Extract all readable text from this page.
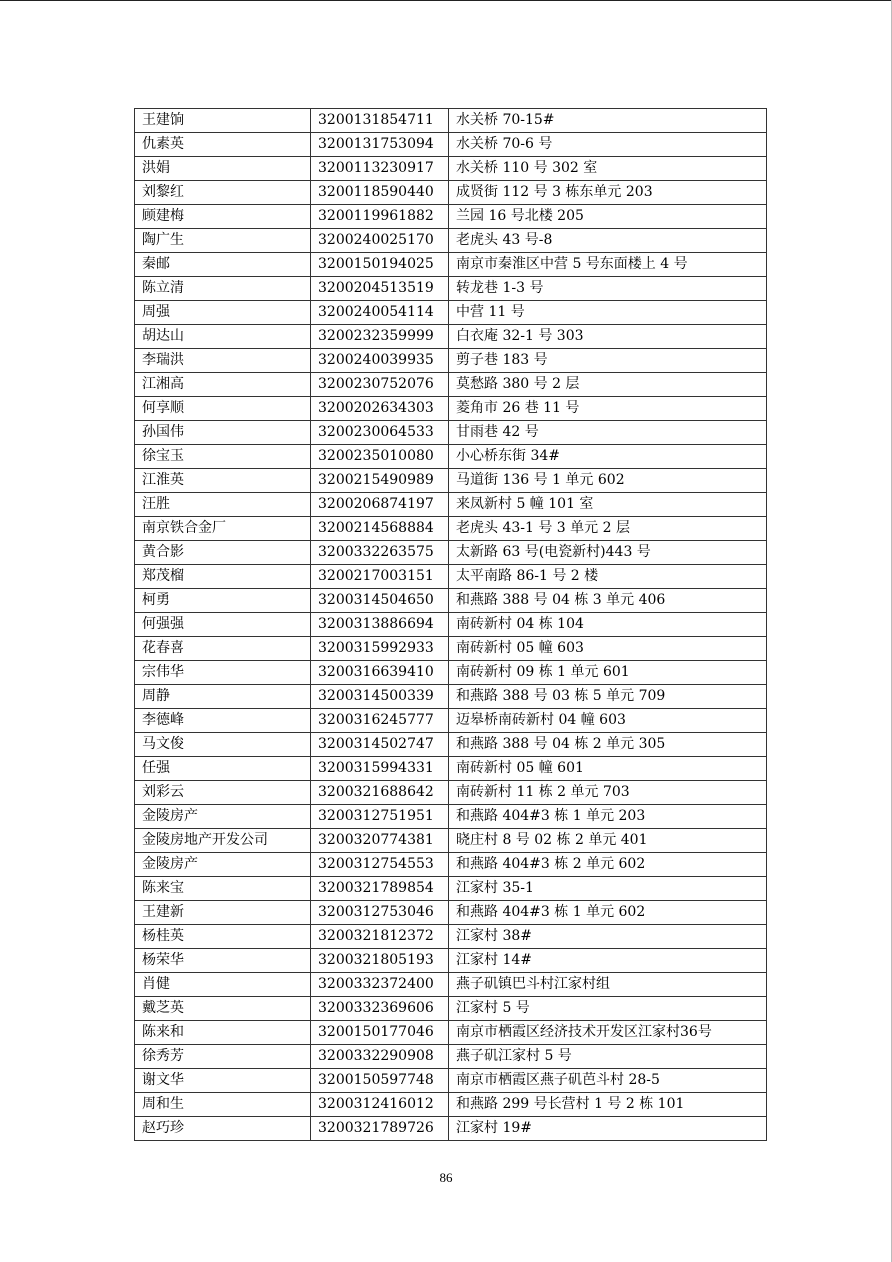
王建饷	3200131854711	水关桥 70-15#
仇素英	3200131753094	水关桥 70-6 号
洪娟	3200113230917	水关桥 110 号 302 室
刘黎红	3200118590440	成贤街 112 号 3 栋东单元 203
顾建梅	3200119961882	兰园 16 号北楼 205
陶广生	3200240025170	老虎头 43 号-8
秦邮	3200150194025	南京市秦淮区中营 5 号东面楼上 4 号
陈立清	3200204513519	转龙巷 1-3 号
周强	3200240054114	中营 11 号
胡达山	3200232359999	白衣庵 32-1 号 303
李瑞洪	3200240039935	剪子巷 183 号
江湘高	3200230752076	莫愁路 380 号 2 层
何享顺	3200202634303	菱角市 26 巷 11 号
孙国伟	3200230064533	甘雨巷 42 号
徐宝玉	3200235010080	小心桥东街 34#
江淮英	3200215490989	马道街 136 号 1 单元 602
汪胜	3200206874197	来凤新村 5 幢 101 室
南京铁合金厂	3200214568884	老虎头 43-1 号 3 单元 2 层
黄合影	3200332263575	太新路 63 号(电瓷新村)443 号
郑茂榴	3200217003151	太平南路 86-1 号 2 楼
柯勇	3200314504650	和燕路 388 号 04 栋 3 单元 406
何强强	3200313886694	南砖新村 04 栋 104
花春喜	3200315992933	南砖新村 05 幢 603
宗伟华	3200316639410	南砖新村 09 栋 1 单元 601
周静	3200314500339	和燕路 388 号 03 栋 5 单元 709
李德峰	3200316245777	迈皋桥南砖新村 04 幢 603
马文俊	3200314502747	和燕路 388 号 04 栋 2 单元 305
任强	3200315994331	南砖新村 05 幢 601
刘彩云	3200321688642	南砖新村 11 栋 2 单元 703
金陵房产	3200312751951	和燕路 404#3 栋 1 单元 203
金陵房地产开发公司	3200320774381	晓庄村 8 号 02 栋 2 单元 401
金陵房产	3200312754553	和燕路 404#3 栋 2 单元 602
陈来宝	3200321789854	江家村 35-1
王建新	3200312753046	和燕路 404#3 栋 1 单元 602
杨桂英	3200321812372	江家村 38#
杨荣华	3200321805193	江家村 14#
肖健	3200332372400	燕子矶镇巴斗村江家村组
戴芝英	3200332369606	江家村 5 号
陈来和	3200150177046	南京市栖霞区经济技术开发区江家村36号
徐秀芳	3200332290908	燕子矶江家村 5 号
谢文华	3200150597748	南京市栖霞区燕子矶芭斗村 28-5
周和生	3200312416012	和燕路 299 号长营村 1 号 2 栋 101
赵巧珍	3200321789726	江家村 19#
86
